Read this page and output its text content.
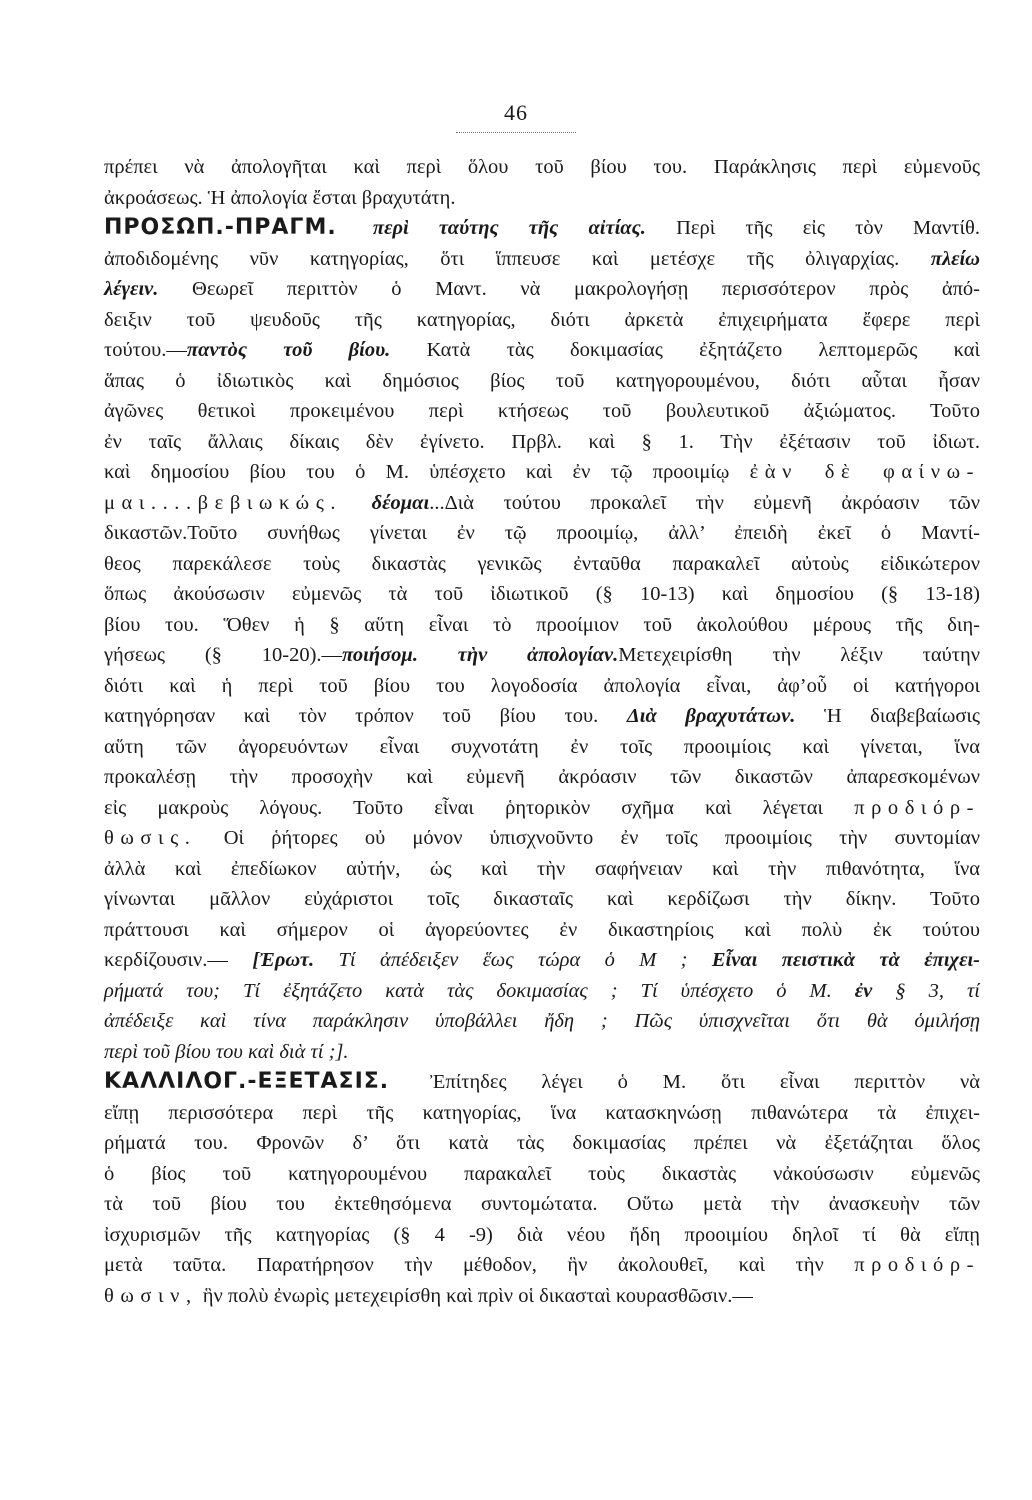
46
πρέπει νὰ ἀπολογῆται καὶ περὶ ὅλου τοῦ βίου του. Παράκλησις περὶ εὐμενοῦς
ἀκροάσεως. Ἡ ἀπολογία ἔσται βραχυτάτη.
ΠΡΟΣΩΠ.-ΠΡΑΓΜ. περὶ ταύτης τῆς αἰτίας. Περὶ τῆς εἰς τὸν Μαντίθ.
ἀποδιδομένης νῦν κατηγορίας, ὅτι ἵππευσε καὶ μετέσχε τῆς ὀλιγαρχίας. πλείω
λέγειν. Θεωρεῖ περιττὸν ὁ Μαντ. νὰ μακρολογήσῃ περισσότερον πρὸς ἀπό-
δειξιν τοῦ ψευδοῦς τῆς κατηγορίας, διότι ἀρκετὰ ἐπιχειρήματα ἔφερε περὶ
τούτου.—παντὸς τοῦ βίου. Κατὰ τὰς δοκιμασίας ἐξητάζετο λεπτομερῶς καὶ
ἅπας ὁ ἰδιωτικὸς καὶ δημόσιος βίος τοῦ κατηγορουμένου, διότι αὗται ἦσαν
ἀγῶνες θετικοὶ προκειμένου περὶ κτήσεως τοῦ βουλευτικοῦ ἀξιώματος. Τοῦτο
ἐν ταῖς ἄλλαις δίκαις δὲν ἐγίνετο. Πρβλ. καὶ § 1. Τὴν ἐξέτασιν τοῦ ἰδιωτ.
καὶ δημοσίου βίου του ὁ Μ. ὑπέσχετο καὶ ἐν τῷ προοιμίῳ ἐὰν δὲ φαίνω-
μαι....βεβιωκώς. δέομαι...Διὰ τούτου προκαλεῖ τὴν εὐμενῆ ἀκρόασιν τῶν
δικαστῶν.Τοῦτο συνήθως γίνεται ἐν τῷ προοιμίῳ, ἀλλ’ ἐπειδὴ ἐκεῖ ὁ Μαντί-
θεος παρεκάλεσε τοὺς δικαστὰς γενικῶς ἐνταῦθα παρακαλεῖ αὐτοὺς εἰδικώτερον
ὅπως ἀκούσωσιν εὐμενῶς τὰ τοῦ ἰδιωτικοῦ (§ 10-13) καὶ δημοσίου (§ 13-18)
βίου του. Ὅθεν ἡ § αὕτη εἶναι τὸ προοίμιον τοῦ ἀκολούθου μέρους τῆς διη-
γήσεως (§ 10-20).—ποιήσομ. τὴν ἀπολογίαν.Μετεχειρίσθη τὴν λέξιν ταύτην
διότι καὶ ἡ περὶ τοῦ βίου του λογοδοσία ἀπολογία εἶναι, ἀφ’οὗ οἱ κατήγοροι
κατηγόρησαν καὶ τὸν τρόπον τοῦ βίου του. Διὰ βραχυτάτων. Ἡ διαβεβαίωσις
αὕτη τῶν ἀγορευόντων εἶναι συχνοτάτη ἐν τοῖς προοιμίοις καὶ γίνεται, ἵνα
προκαλέσῃ τὴν προσοχὴν καὶ εὐμενῆ ἀκρόασιν τῶν δικαστῶν ἀπαρεσκομένων
εἰς μακροὺς λόγους. Τοῦτο εἶναι ῥητορικὸν σχῆμα καὶ λέγεται προδιόρ-
θωσις. Οἱ ῥήτορες οὐ μόνον ὑπισχνοῦντο ἐν τοῖς προοιμίοις τὴν συντομίαν
ἀλλὰ καὶ ἐπεδίωκον αὐτήν, ὡς καὶ τὴν σαφήνειαν καὶ τὴν πιθανότητα, ἵνα
γίνωνται μᾶλλον εὐχάριστοι τοῖς δικασταῖς καὶ κερδίζωσι τὴν δίκην. Τοῦτο
πράττουσι καὶ σήμερον οἱ ἀγορεύοντες ἐν δικαστηρίοις καὶ πολὺ ἐκ τούτου
κερδίζουσιν.— [Ἐρωτ. Τί ἀπέδειξεν ἕως τώρα ὁ Μ ; Εἶναι πειστικὰ τὰ ἐπιχει-
ρήματά του; Τί ἐξητάζετο κατὰ τὰς δοκιμασίας ; Τί ὑπέσχετο ὁ Μ. ἐν § 3, τί
ἀπέδειξε καὶ τίνα παράκλησιν ὑποβάλλει ἤδη ; Πῶς ὑπισχνεῖται ὅτι θὰ ὁμιλήσῃ
περὶ τοῦ βίου του καὶ διὰ τί ;].
ΚΑΛΛΙΛΟΓ.-ΕΞΕΤΑΣΙΣ. Ἐπίτηδες λέγει ὁ Μ. ὅτι εἶναι περιττὸν νὰ
εἴπῃ περισσότερα περὶ τῆς κατηγορίας, ἵνα κατασκηνώσῃ πιθανώτερα τὰ ἐπιχει-
ρήματά του. Φρονῶν δ’ ὅτι κατὰ τὰς δοκιμασίας πρέπει νὰ ἐξετάζηται ὅλος
ὁ βίος τοῦ κατηγορουμένου παρακαλεῖ τοὺς δικαστὰς νἀκούσωσιν εὐμενῶς
τὰ τοῦ βίου του ἐκτεθησόμενα συντομώτατα. Οὕτω μετὰ τὴν ἀνασκευὴν τῶν
ἰσχυρισμῶν τῆς κατηγορίας (§ 4 -9) διὰ νέου ἤδη προοιμίου δηλοῖ τί θὰ εἴπῃ
μετὰ ταῦτα. Παρατήρησον τὴν μέθοδον, ἣν ἀκολουθεῖ, καὶ τὴν προδιόρ-
θωσιν, ἣν πολὺ ἐνωρὶς μετεχειρίσθη καὶ πρὶν οἱ δικασταὶ κουρασθῶσιν.—
